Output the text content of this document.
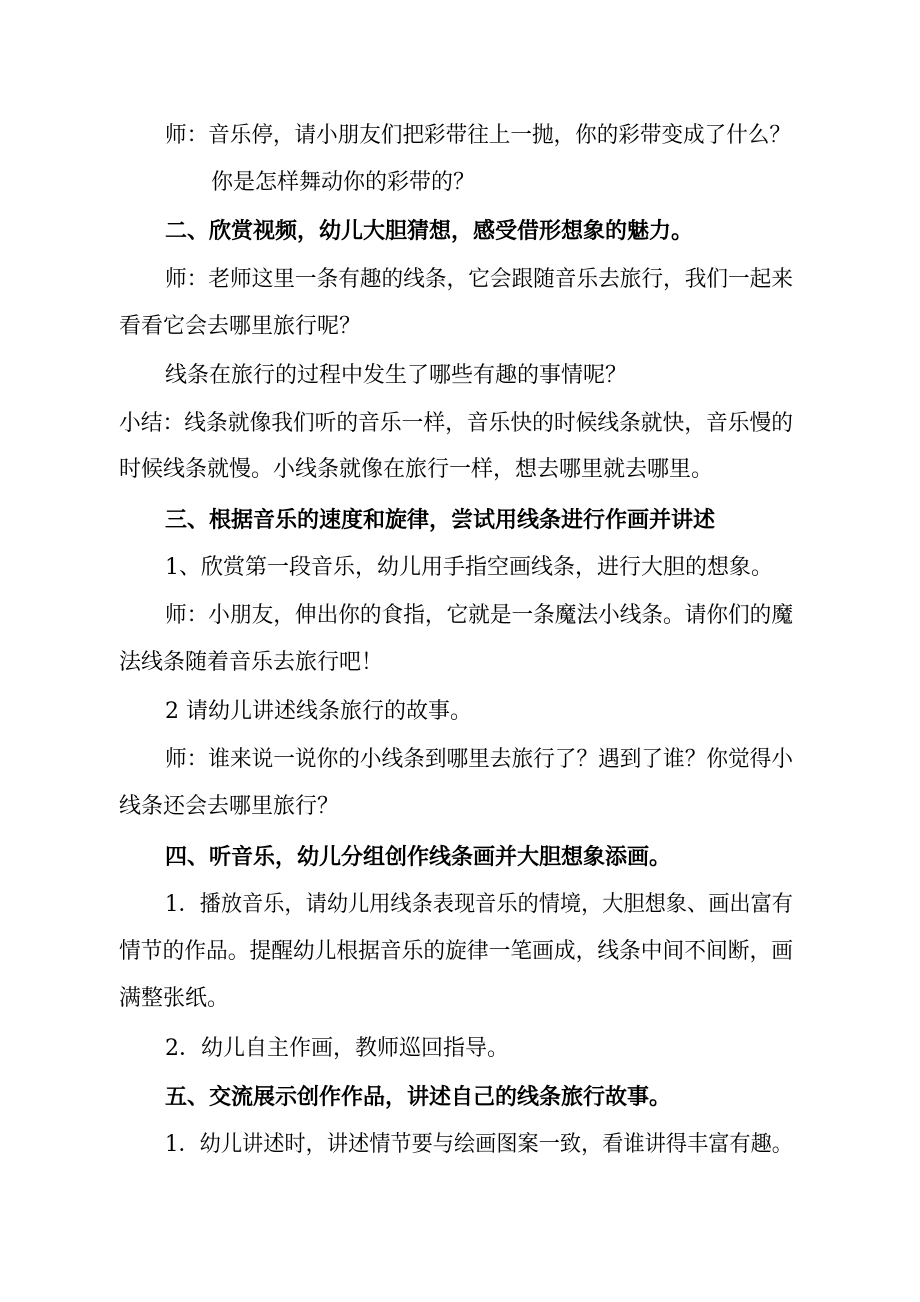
师：音乐停，请小朋友们把彩带往上一抛，你的彩带变成了什么？

你是怎样舞动你的彩带的？

二、欣赏视频，幼儿大胆猜想，感受借形想象的魅力。

师：老师这里一条有趣的线条，它会跟随音乐去旅行，我们一起来

看看它会去哪里旅行呢？

线条在旅行的过程中发生了哪些有趣的事情呢？

小结：线条就像我们听的音乐一样，音乐快的时候线条就快，音乐慢的

时候线条就慢。小线条就像在旅行一样，想去哪里就去哪里。

三、根据音乐的速度和旋律，尝试用线条进行作画并讲述

1、欣赏第一段音乐，幼儿用手指空画线条，进行大胆的想象。

师：小朋友，伸出你的食指，它就是一条魔法小线条。请你们的魔

法线条随着音乐去旅行吧！

2 请幼儿讲述线条旅行的故事。

师：谁来说一说你的小线条到哪里去旅行了？遇到了谁？你觉得小

线条还会去哪里旅行？

四、听音乐，幼儿分组创作线条画并大胆想象添画。

1．播放音乐，请幼儿用线条表现音乐的情境，大胆想象、画出富有

情节的作品。提醒幼儿根据音乐的旋律一笔画成，线条中间不间断，画

满整张纸。

2．幼儿自主作画，教师巡回指导。

五、交流展示创作作品，讲述自己的线条旅行故事。

1．幼儿讲述时，讲述情节要与绘画图案一致，看谁讲得丰富有趣。
